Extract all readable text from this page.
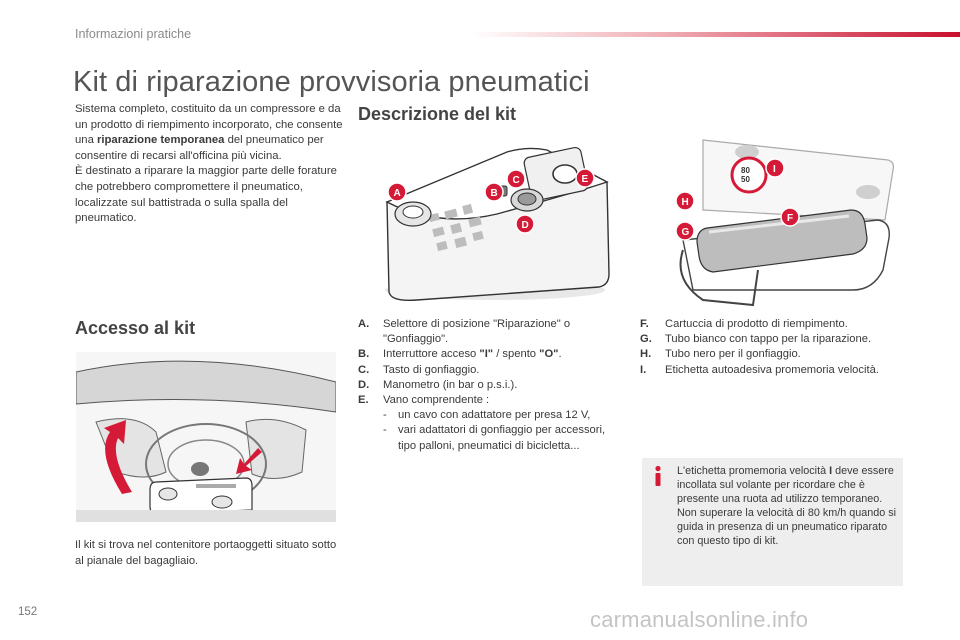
Informazioni pratiche
Kit di riparazione provvisoria pneumatici

Sistema completo, costituito da un compressore e da un prodotto di riempimento incorporato, che consente una riparazione temporanea del pneumatico per consentire di recarsi all'officina più vicina.

È destinato a riparare la maggior parte delle forature che potrebbero compromettere il pneumatico, localizzate sul battistrada o sulla spalla del pneumatico.

Descrizione del kit
A	B
C
D
E
80
50
I
H
F
G
Accesso al kit	A. Selettore di posizione "Riparazione" o "Gonfiaggio".
B. Interruttore acceso "I" / spento "O".
C. Tasto di gonfiaggio.
D. Manometro (in bar o p.s.i.).
E. Vano comprendente :
- un cavo con adattatore per presa 12 V,
- vari adattatori di gonfiaggio per accessori, tipo palloni, pneumatici di bicicletta...
F. Cartuccia di prodotto di riempimento.
G. Tubo bianco con tappo per la riparazione.
H. Tubo nero per il gonfiaggio.
I. Etichetta autoadesiva promemoria velocità.
Il kit si trova nel contenitore portaoggetti situato sotto al pianale del bagagliaio.

L'etichetta promemoria velocità I deve essere incollata sul volante per ricordare che è presente una ruota ad utilizzo temporaneo.

Non superare la velocità di 80 km/h quando si guida in presenza di un pneumatico riparato con questo tipo di kit.

152	carmanualsonline.info
